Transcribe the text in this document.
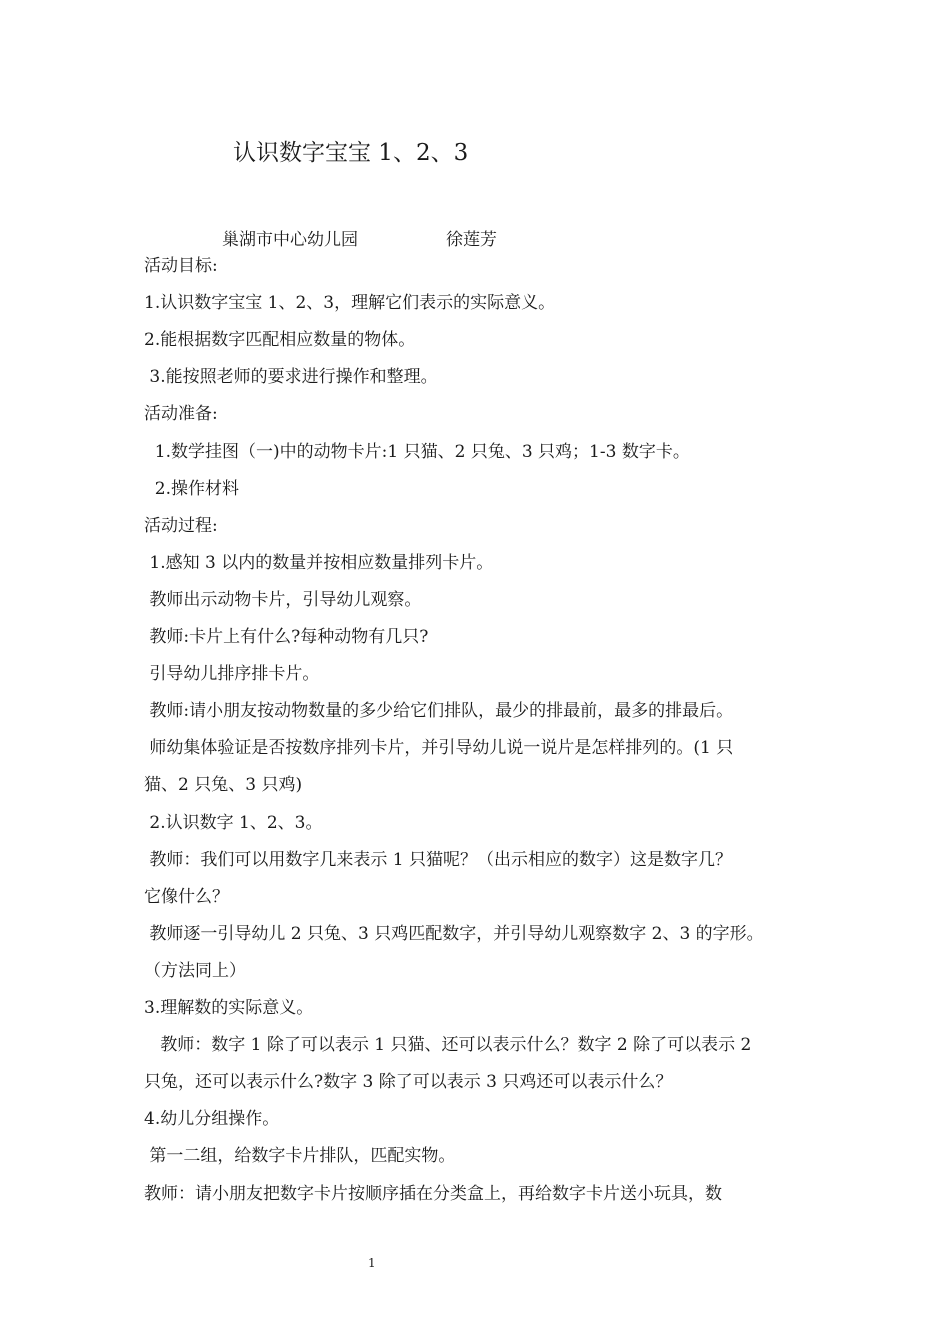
认识数字宝宝 1、2、3
巢湖市中心幼儿园	徐莲芳
活动目标:
1.认识数字宝宝 1、2、3，理解它们表示的实际意义。
2.能根据数字匹配相应数量的物体。
3.能按照老师的要求进行操作和整理。
活动准备:
1.数学挂图（一)中的动物卡片:1 只猫、2 只兔、3 只鸡；1-3 数字卡。
2.操作材料
活动过程:
1.感知 3 以内的数量并按相应数量排列卡片。
教师出示动物卡片，引导幼儿观察。
教师:卡片上有什么?每种动物有几只?
引导幼儿排序排卡片。
教师:请小朋友按动物数量的多少给它们排队，最少的排最前，最多的排最后。
师幼集体验证是否按数序排列卡片，并引导幼儿说一说片是怎样排列的。(1 只
猫、2 只兔、3 只鸡)
2.认识数字 1、2、3。
教师：我们可以用数字几来表示 1 只猫呢？（出示相应的数字）这是数字几？
它像什么？
教师逐一引导幼儿 2 只兔、3 只鸡匹配数字，并引导幼儿观察数字 2、3 的字形。
（方法同上）
3.理解数的实际意义。
教师：数字 1 除了可以表示 1 只猫、还可以表示什么？数字 2 除了可以表示 2
只兔，还可以表示什么?数字 3 除了可以表示 3 只鸡还可以表示什么？
4.幼儿分组操作。
第一二组，给数字卡片排队，匹配实物。
教师：请小朋友把数字卡片按顺序插在分类盒上，再给数字卡片送小玩具，数
1
